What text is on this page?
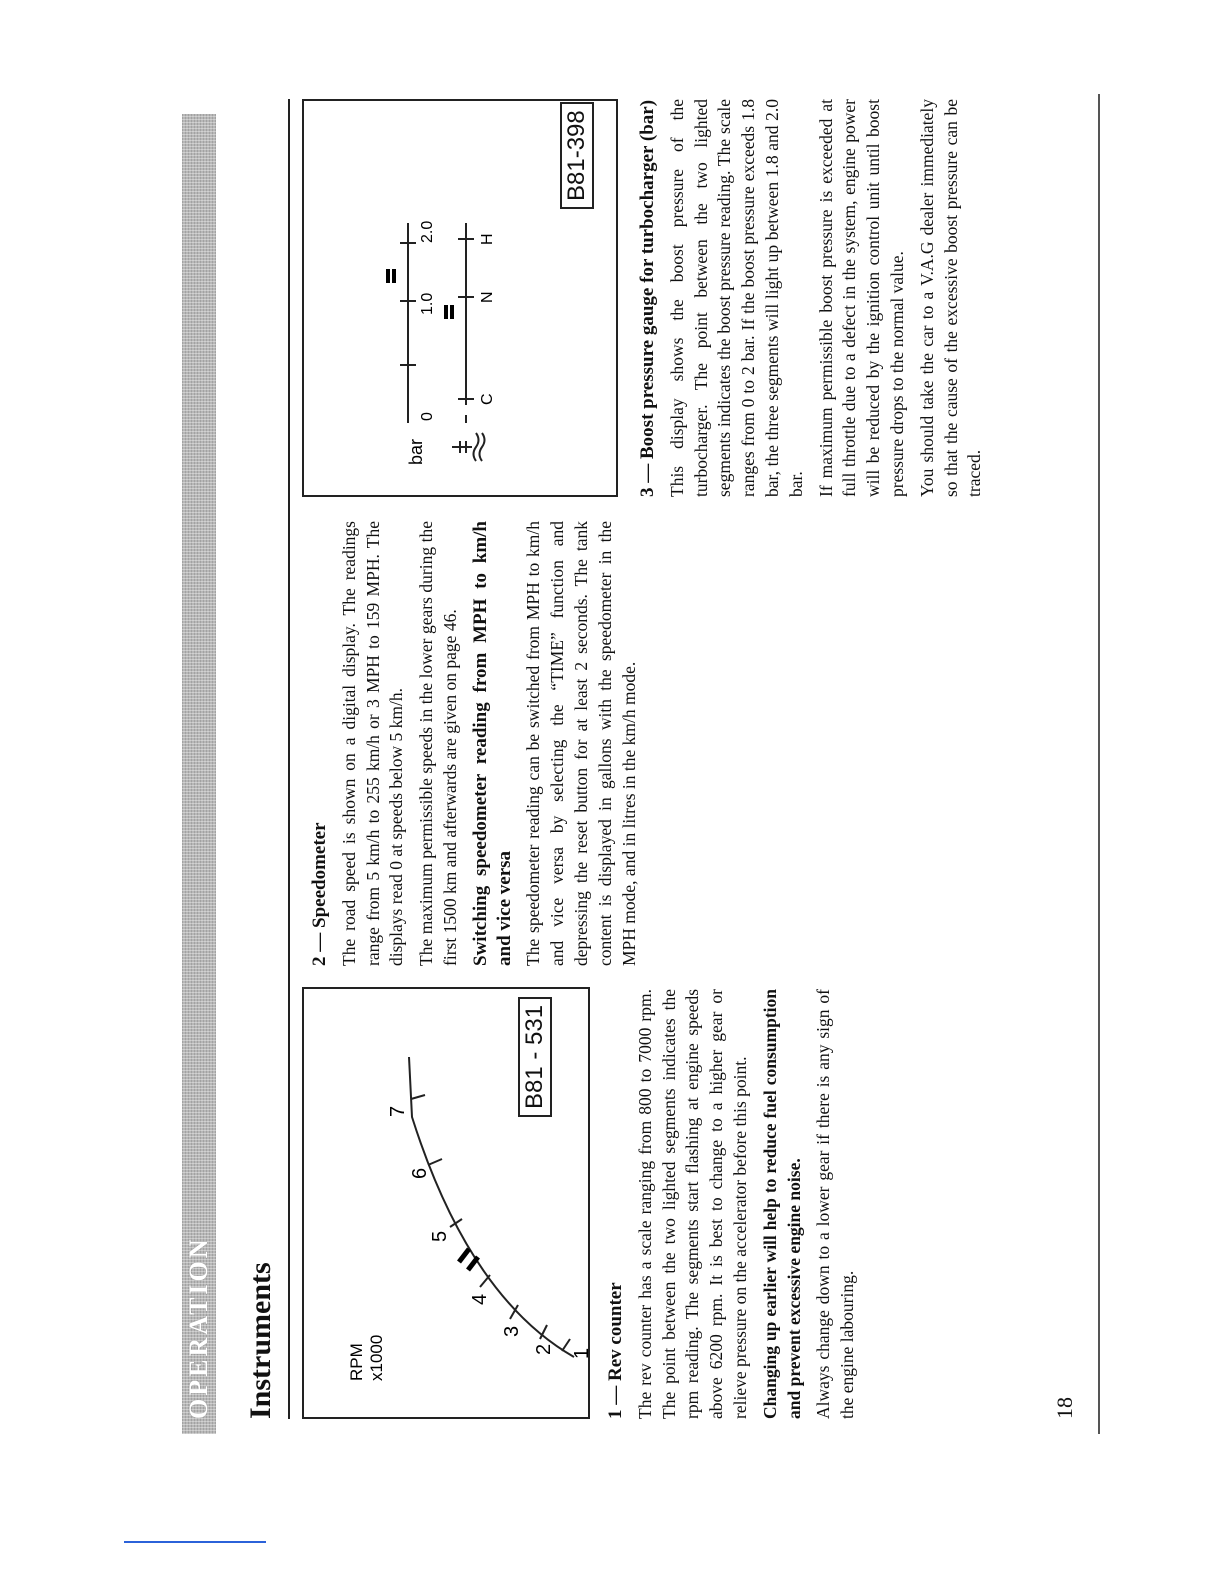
OPERATION Instruments	RPM x1000	1
2
3
4
5
6
7
B81 - 531
bar
0
1.0
2.0
C
N
H
B81-398
1 — Rev counter The rev counter has a scale ranging from 800 to 7000 rpm. The point between the two lighted segments indicates the rpm reading. The segments start flashing at engine speeds above 6200 rpm. It is best to change to a higher gear or relieve pressure on the accelerator before this point. Changing up earlier will help to reduce fuel consumption and prevent excessive engine noise. Always change down to a lower gear if there is any sign of the engine labouring.

2 — Speedometer The road speed is shown on a digital display. The readings range from 5 km/h to 255 km/h or 3 MPH to 159 MPH. The displays read 0 at speeds below 5 km/h. The maximum permissible speeds in the lower gears during the first 1500 km and afterwards are given on page 46. Switching speedometer reading from MPH to km/h and vice versa The speedometer reading can be switched from MPH to km/h and vice versa by selecting the “TIME” function and depressing the reset button for at least 2 seconds. The tank content is displayed in gallons with the speedometer in the MPH mode, and in litres in the km/h mode.

3 — Boost pressure gauge for turbocharger (bar) This display shows the boost pressure of the turbocharger. The point between the two lighted segments indicates the boost pressure reading. The scale ranges from 0 to 2 bar. If the boost pressure exceeds 1.8 bar, the three segments will light up between 1.8 and 2.0 bar. If maximum permissible boost pressure is exceeded at full throttle due to a defect in the system, engine power will be reduced by the ignition control unit until boost pressure drops to the normal value. You should take the car to a V.A.G dealer immediately so that the cause of the excessive boost pressure can be traced.

18
